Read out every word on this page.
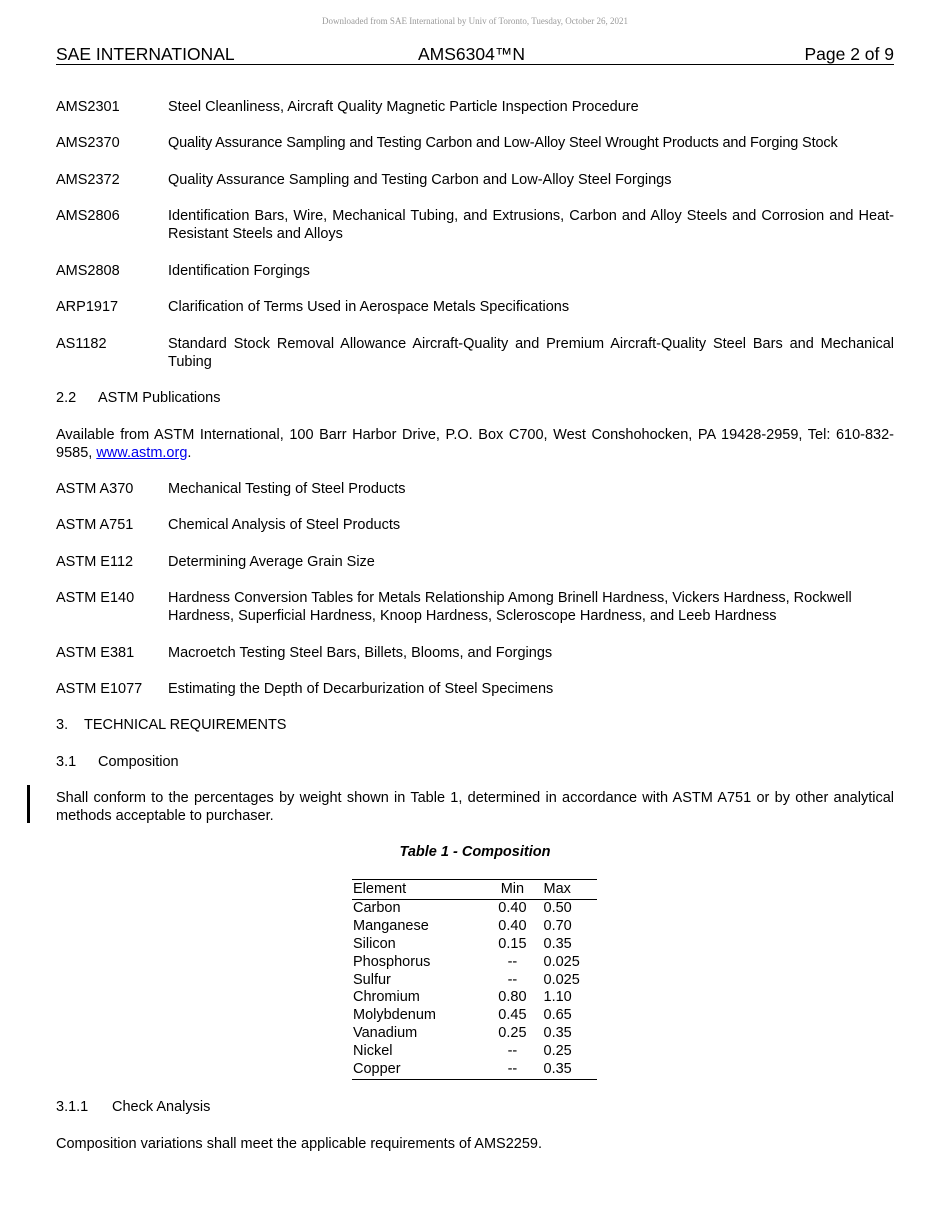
Downloaded from SAE International by Univ of Toronto, Tuesday, October 26, 2021
SAE INTERNATIONAL	AMS6304™N	Page 2 of 9
AMS2301	Steel Cleanliness, Aircraft Quality Magnetic Particle Inspection Procedure
AMS2370	Quality Assurance Sampling and Testing Carbon and Low-Alloy Steel Wrought Products and Forging Stock
AMS2372	Quality Assurance Sampling and Testing Carbon and Low-Alloy Steel Forgings
AMS2806	Identification Bars, Wire, Mechanical Tubing, and Extrusions, Carbon and Alloy Steels and Corrosion and Heat-Resistant Steels and Alloys
AMS2808	Identification Forgings
ARP1917	Clarification of Terms Used in Aerospace Metals Specifications
AS1182	Standard Stock Removal Allowance Aircraft-Quality and Premium Aircraft-Quality Steel Bars and Mechanical Tubing
2.2 ASTM Publications
Available from ASTM International, 100 Barr Harbor Drive, P.O. Box C700, West Conshohocken, PA 19428-2959, Tel: 610-832-9585, www.astm.org.
ASTM A370 Mechanical Testing of Steel Products
ASTM A751 Chemical Analysis of Steel Products
ASTM E112 Determining Average Grain Size
ASTM E140 Hardness Conversion Tables for Metals Relationship Among Brinell Hardness, Vickers Hardness, Rockwell Hardness, Superficial Hardness, Knoop Hardness, Scleroscope Hardness, and Leeb Hardness
ASTM E381 Macroetch Testing Steel Bars, Billets, Blooms, and Forgings
ASTM E1077 Estimating the Depth of Decarburization of Steel Specimens
3. TECHNICAL REQUIREMENTS
3.1 Composition
Shall conform to the percentages by weight shown in Table 1, determined in accordance with ASTM A751 or by other analytical methods acceptable to purchaser.
Table 1 - Composition
Element	Min	Max
Carbon	0.40	0.50
Manganese	0.40	0.70
Silicon	0.15	0.35
Phosphorus	--	0.025
Sulfur	--	0.025
Chromium	0.80	1.10
Molybdenum	0.45	0.65
Vanadium	0.25	0.35
Nickel	--	0.25
Copper	--	0.35
3.1.1 Check Analysis
Composition variations shall meet the applicable requirements of AMS2259.
